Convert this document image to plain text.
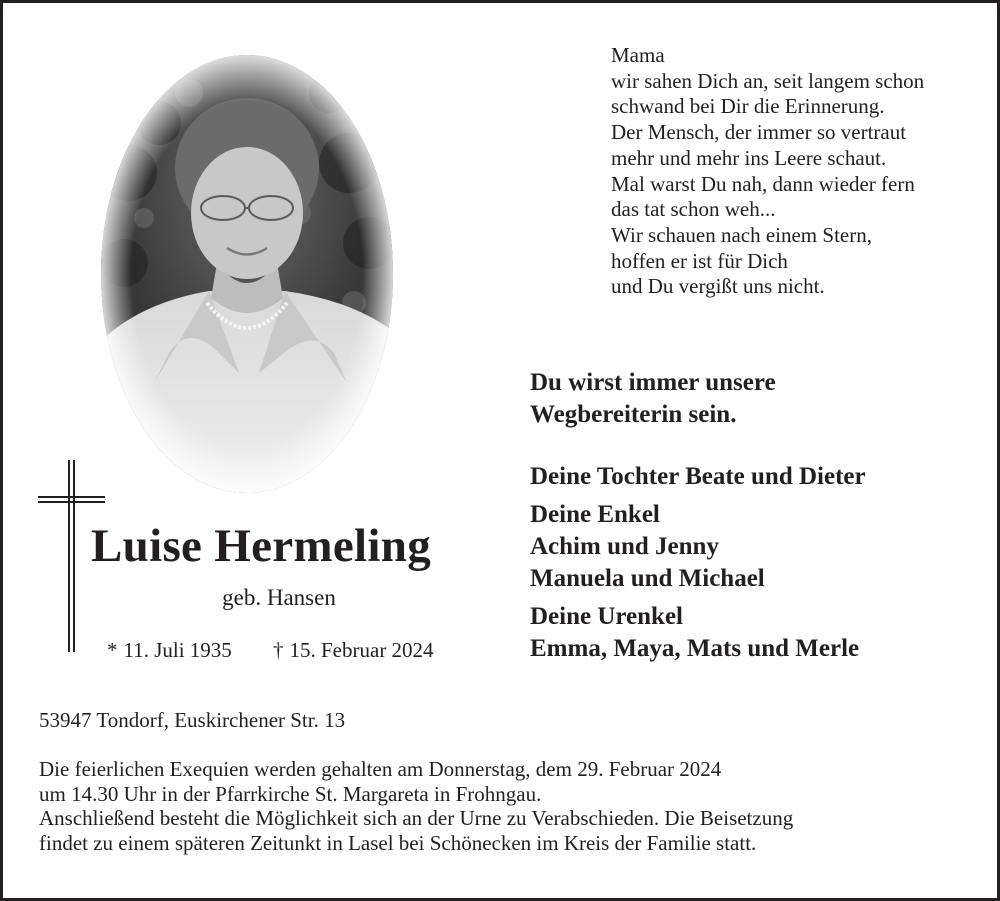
Mama
wir sahen Dich an, seit langem schon
schwand bei Dir die Erinnerung.
Der Mensch, der immer so vertraut
mehr und mehr ins Leere schaut.
Mal warst Du nah, dann wieder fern
das tat schon weh...
Wir schauen nach einem Stern,
hoffen er ist für Dich
und Du vergißt uns nicht.
Du wirst immer unsere
Wegbereiterin sein.
Deine Tochter Beate und Dieter
Deine Enkel
Achim und Jenny
Manuela und Michael
Deine Urenkel
Emma, Maya, Mats und Merle
Luise Hermeling
geb. Hansen
* 11. Juli 1935 † 15. Februar 2024
53947 Tondorf, Euskirchener Str. 13
Die feierlichen Exequien werden gehalten am Donnerstag, dem 29. Februar 2024
um 14.30 Uhr in der Pfarrkirche St. Margareta in Frohngau.
Anschließend besteht die Möglichkeit sich an der Urne zu Verabschieden. Die Beisetzung
findet zu einem späteren Zeitunkt in Lasel bei Schönecken im Kreis der Familie statt.
